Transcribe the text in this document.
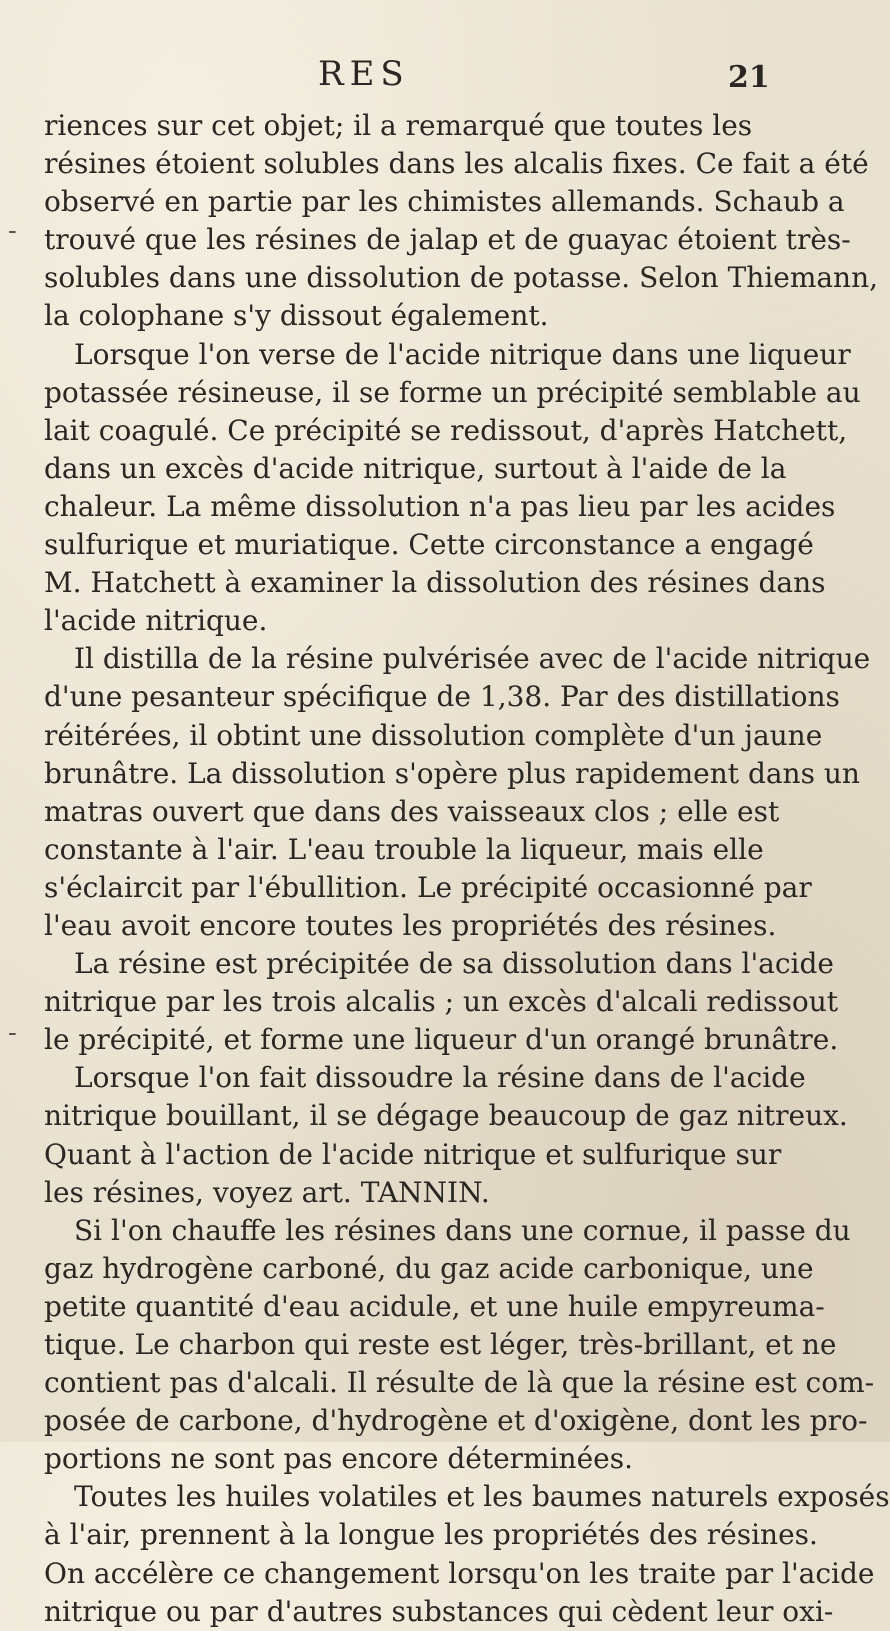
RES	21
-
-
riences sur cet objet; il a remarqué que toutes les
résines étoient solubles dans les alcalis fixes. Ce fait a été
observé en partie par les chimistes allemands. Schaub a
trouvé que les résines de jalap et de guayac étoient très-
solubles dans une dissolution de potasse. Selon Thiemann,
la colophane s'y dissout également.
Lorsque l'on verse de l'acide nitrique dans une liqueur
potassée résineuse, il se forme un précipité semblable au
lait coagulé. Ce précipité se redissout, d'après Hatchett,
dans un excès d'acide nitrique, surtout à l'aide de la
chaleur. La même dissolution n'a pas lieu par les acides
sulfurique et muriatique. Cette circonstance a engagé
M. Hatchett à examiner la dissolution des résines dans
l'acide nitrique.
Il distilla de la résine pulvérisée avec de l'acide nitrique
d'une pesanteur spécifique de 1,38. Par des distillations
réitérées, il obtint une dissolution complète d'un jaune
brunâtre. La dissolution s'opère plus rapidement dans un
matras ouvert que dans des vaisseaux clos ; elle est
constante à l'air. L'eau trouble la liqueur, mais elle
s'éclaircit par l'ébullition. Le précipité occasionné par
l'eau avoit encore toutes les propriétés des résines.
La résine est précipitée de sa dissolution dans l'acide
nitrique par les trois alcalis ; un excès d'alcali redissout
le précipité, et forme une liqueur d'un orangé brunâtre.
Lorsque l'on fait dissoudre la résine dans de l'acide
nitrique bouillant, il se dégage beaucoup de gaz nitreux.
Quant à l'action de l'acide nitrique et sulfurique sur
les résines, voyez art. TANNIN.
Si l'on chauffe les résines dans une cornue, il passe du
gaz hydrogène carboné, du gaz acide carbonique, une
petite quantité d'eau acidule, et une huile empyreuma-
tique. Le charbon qui reste est léger, très-brillant, et ne
contient pas d'alcali. Il résulte de là que la résine est com-
posée de carbone, d'hydrogène et d'oxigène, dont les pro-
portions ne sont pas encore déterminées.
Toutes les huiles volatiles et les baumes naturels exposés
à l'air, prennent à la longue les propriétés des résines.
On accélère ce changement lorsqu'on les traite par l'acide
nitrique ou par d'autres substances qui cèdent leur oxi-
